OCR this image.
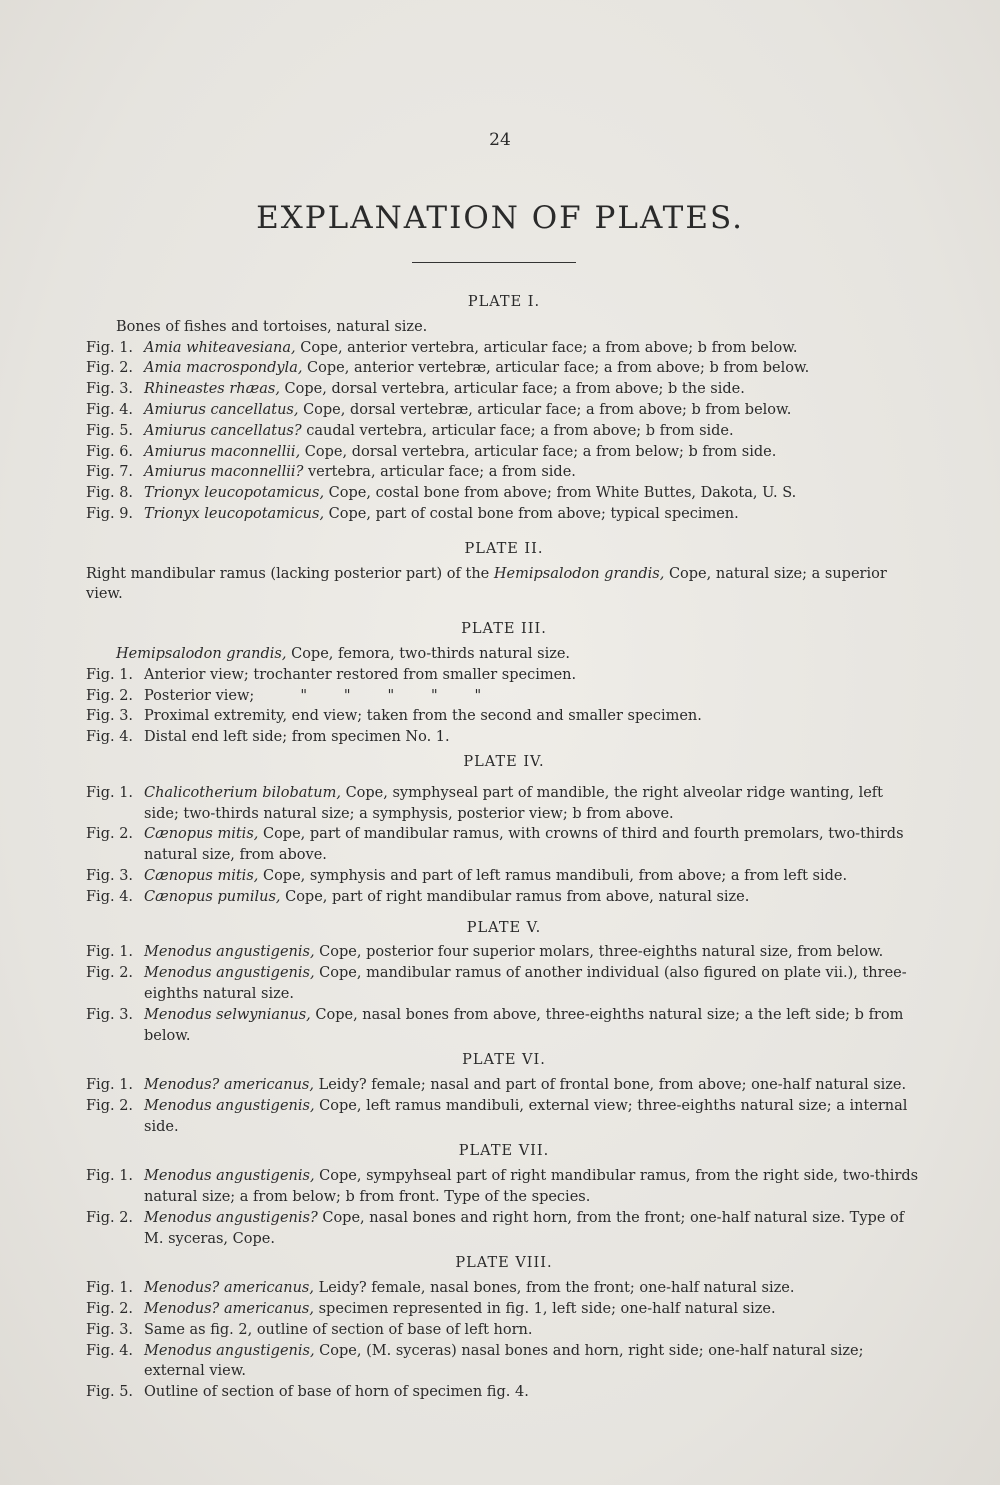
24
EXPLANATION OF PLATES.
PLATE I.
Bones of fishes and tortoises, natural size.
Fig. 1. Amia whiteavesiana, Cope, anterior vertebra, articular face; a from above; b from below.
Fig. 2. Amia macrospondyla, Cope, anterior vertebræ, articular face; a from above; b from below.
Fig. 3. Rhineastes rhæas, Cope, dorsal vertebra, articular face; a from above; b the side.
Fig. 4. Amiurus cancellatus, Cope, dorsal vertebræ, articular face; a from above; b from below.
Fig. 5. Amiurus cancellatus? caudal vertebra, articular face; a from above; b from side.
Fig. 6. Amiurus maconnellii, Cope, dorsal vertebra, articular face; a from below; b from side.
Fig. 7. Amiurus maconnellii? vertebra, articular face; a from side.
Fig. 8. Trionyx leucopotamicus, Cope, costal bone from above; from White Buttes, Dakota, U. S.
Fig. 9. Trionyx leucopotamicus, Cope, part of costal bone from above; typical specimen.
PLATE II.
Right mandibular ramus (lacking posterior part) of the Hemipsalodon grandis, Cope, natural size; a superior view.
PLATE III.
Hemipsalodon grandis, Cope, femora, two-thirds natural size.
Fig. 1. Anterior view; trochanter restored from smaller specimen.
Fig. 2. Posterior view;          "        "        "        "        "
Fig. 3. Proximal extremity, end view; taken from the second and smaller specimen.
Fig. 4. Distal end left side; from specimen No. 1.
PLATE IV.
Fig. 1. Chalicotherium bilobatum, Cope, symphyseal part of mandible, the right alveolar ridge wanting, left side; two-thirds natural size; a symphysis, posterior view; b from above.
Fig. 2. Cænopus mitis, Cope, part of mandibular ramus, with crowns of third and fourth premolars, two-thirds natural size, from above.
Fig. 3. Cænopus mitis, Cope, symphysis and part of left ramus mandibuli, from above; a from left side.
Fig. 4. Cænopus pumilus, Cope, part of right mandibular ramus from above, natural size.
PLATE V.
Fig. 1. Menodus angustigenis, Cope, posterior four superior molars, three-eighths natural size, from below.
Fig. 2. Menodus angustigenis, Cope, mandibular ramus of another individual (also figured on plate vii.), three-eighths natural size.
Fig. 3. Menodus selwynianus, Cope, nasal bones from above, three-eighths natural size; a the left side; b from below.
PLATE VI.
Fig. 1. Menodus? americanus, Leidy? female; nasal and part of frontal bone, from above; one-half natural size.
Fig. 2. Menodus angustigenis, Cope, left ramus mandibuli, external view; three-eighths natural size; a internal side.
PLATE VII.
Fig. 1. Menodus angustigenis, Cope, sympyhseal part of right mandibular ramus, from the right side, two-thirds natural size; a from below; b from front. Type of the species.
Fig. 2. Menodus angustigenis? Cope, nasal bones and right horn, from the front; one-half natural size. Type of M. syceras, Cope.
PLATE VIII.
Fig. 1. Menodus? americanus, Leidy? female, nasal bones, from the front; one-half natural size.
Fig. 2. Menodus? americanus, specimen represented in fig. 1, left side; one-half natural size.
Fig. 3. Same as fig. 2, outline of section of base of left horn.
Fig. 4. Menodus angustigenis, Cope, (M. syceras) nasal bones and horn, right side; one-half natural size; external view.
Fig. 5. Outline of section of base of horn of specimen fig. 4.
